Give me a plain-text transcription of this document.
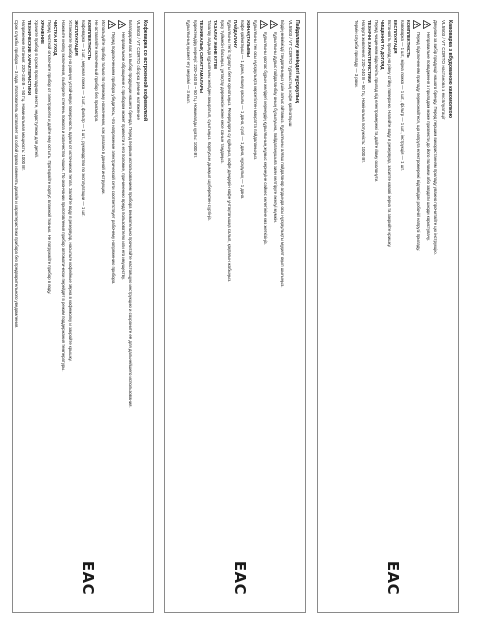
Кофеварка со встроенной кофемолкой
VL5503 / VT CORTO сборка ремни натяжение
Благодарим вас за выбор продукции нашего бренда. Перед первым использованием прибора внимательно прочитайте настоящую инструкцию и сохраните её для дальнейшего использования.
Неправильное обращение с прибором может привести к его поломке, причинению вреда пользователю или его имуществу.
Перед подключением прибора убедитесь, что напряжение электрической сети соответствует рабочему напряжению прибора.
Используйте прибор только по прямому назначению, как указано в данной инструкции.
Не оставляйте включённый прибор без присмотра.
КОМПЛЕКТНОСТЬ
Кофеварка — 1 шт., мерная ложка — 1 шт., фильтр — 1 шт., руководство по эксплуатации — 1 шт.
ЭКСПЛУАТАЦИЯ
Установите прибор на ровную устойчивую поверхность вдали от источников тепла. Залейте воду в резервуар, насыпьте кофейные зёрна в кофемолку и закройте крышку.
Нажмите кнопку включения, выберите степень помола и количество чашек. По окончании приготовления прибор автоматически перейдёт в режим поддержания температуры.
ЧИСТКА И УХОД
Перед чисткой отключите прибор от электросети и дайте ему остыть. Протирайте корпус влажной тканью. Не погружайте прибор в воду.
ХРАНЕНИЕ
Храните прибор в сухом прохладном месте, недоступном для детей.
ТЕХНИЧЕСКИЕ ХАРАКТЕРИСТИКИ
Напряжение питания: 220–240 В ~ 50 Гц. Номинальная мощность: 1000 Вт.
Срок службы прибора — 3 года. Изготовитель оставляет за собой право изменять дизайн и характеристики прибора без предварительного уведомления.
EAC
Пайдалану жөніндегі нұсқаулық
VL5503 / VT CORTO тұрмыстық кофе қайнатқыш
Біздің өнімімізді таңдағаныңыз үшін алғыс айтамыз. Құрылғыны алғаш пайдаланар алдында осы нұсқаулықты мұқият оқып шығыңыз.
Құрылғыны дұрыс пайдаланбау оның бұзылуына, пайдаланушыға зиян келтіруге әкелуі мүмкін.
Құрылғыны қоспас бұрын желідегі кернеудің құрылғының жұмыс кернеуіне сәйкес келетініне көз жеткізіңіз.
Құрылғыны тек осы нұсқаулықта көрсетілген мақсатта пайдаланыңыз.
ЖИНАҚТАЛЫМЫ
Кофе қайнатқыш — 1 дана, өлшеу қасығы — 1 дана, сүзгі — 1 дана, нұсқаулық — 1 дана.
ПАЙДАЛАНУ
Құрылғыны тегіс тұрақты бетке орнатыңыз. Резервуарға су құйыңыз, кофе дәндерін кофе ұнтақтағышқа салып, қақпағын жабыңыз.
Қосу түймесін басыңыз, ұнтақтау дәрежесін және кесе санын таңдаңыз.
ТАЗАЛАУ ЖӘНЕ КҮТІМ
Тазалау алдында құрылғыны желіден ажыратып, суытыңыз. Корпусын дымқыл шүберекпен сүртіңіз.
ТЕХНИКАЛЫҚ СИПАТТАМАЛАРЫ
Қоректендіру кернеуі: 220–240 В ~ 50 Гц. Номиналды қуаты: 1000 Вт.
Құрылғының қызмет ету мерзімі — 3 жыл.
EAC
Кавоварка з вбудованою кавомолкою
VL5503 / VT CORTO настанова з експлуатації
Дякуємо за вибір продукції нашого бренду. Перед першим використанням приладу уважно прочитайте цю інструкцію.
Неправильне поводження з приладом може призвести до його поломки або завдати шкоди користувачу.
Перед підключенням приладу переконайтеся, що напруга електромережі відповідає робочій напрузі приладу.
КОМПЛЕКТНІСТЬ
Кавоварка — 1 шт., мірна ложка — 1 шт., фільтр — 1 шт., інструкція — 1 шт.
ЕКСПЛУАТАЦІЯ
Встановіть прилад на рівну стійку поверхню. Налийте воду в резервуар, засипте кавові зерна та закрийте кришку.
ЧИЩЕННЯ ТА ДОГЛЯД
Перед чищенням відключіть прилад від електромережі та дайте йому охолонути.
ТЕХНІЧНІ ХАРАКТЕРИСТИКИ
Напруга живлення: 220–240 В ~ 50 Гц. Номінальна потужність: 1000 Вт.
Термін служби приладу — 3 роки.
EAC
